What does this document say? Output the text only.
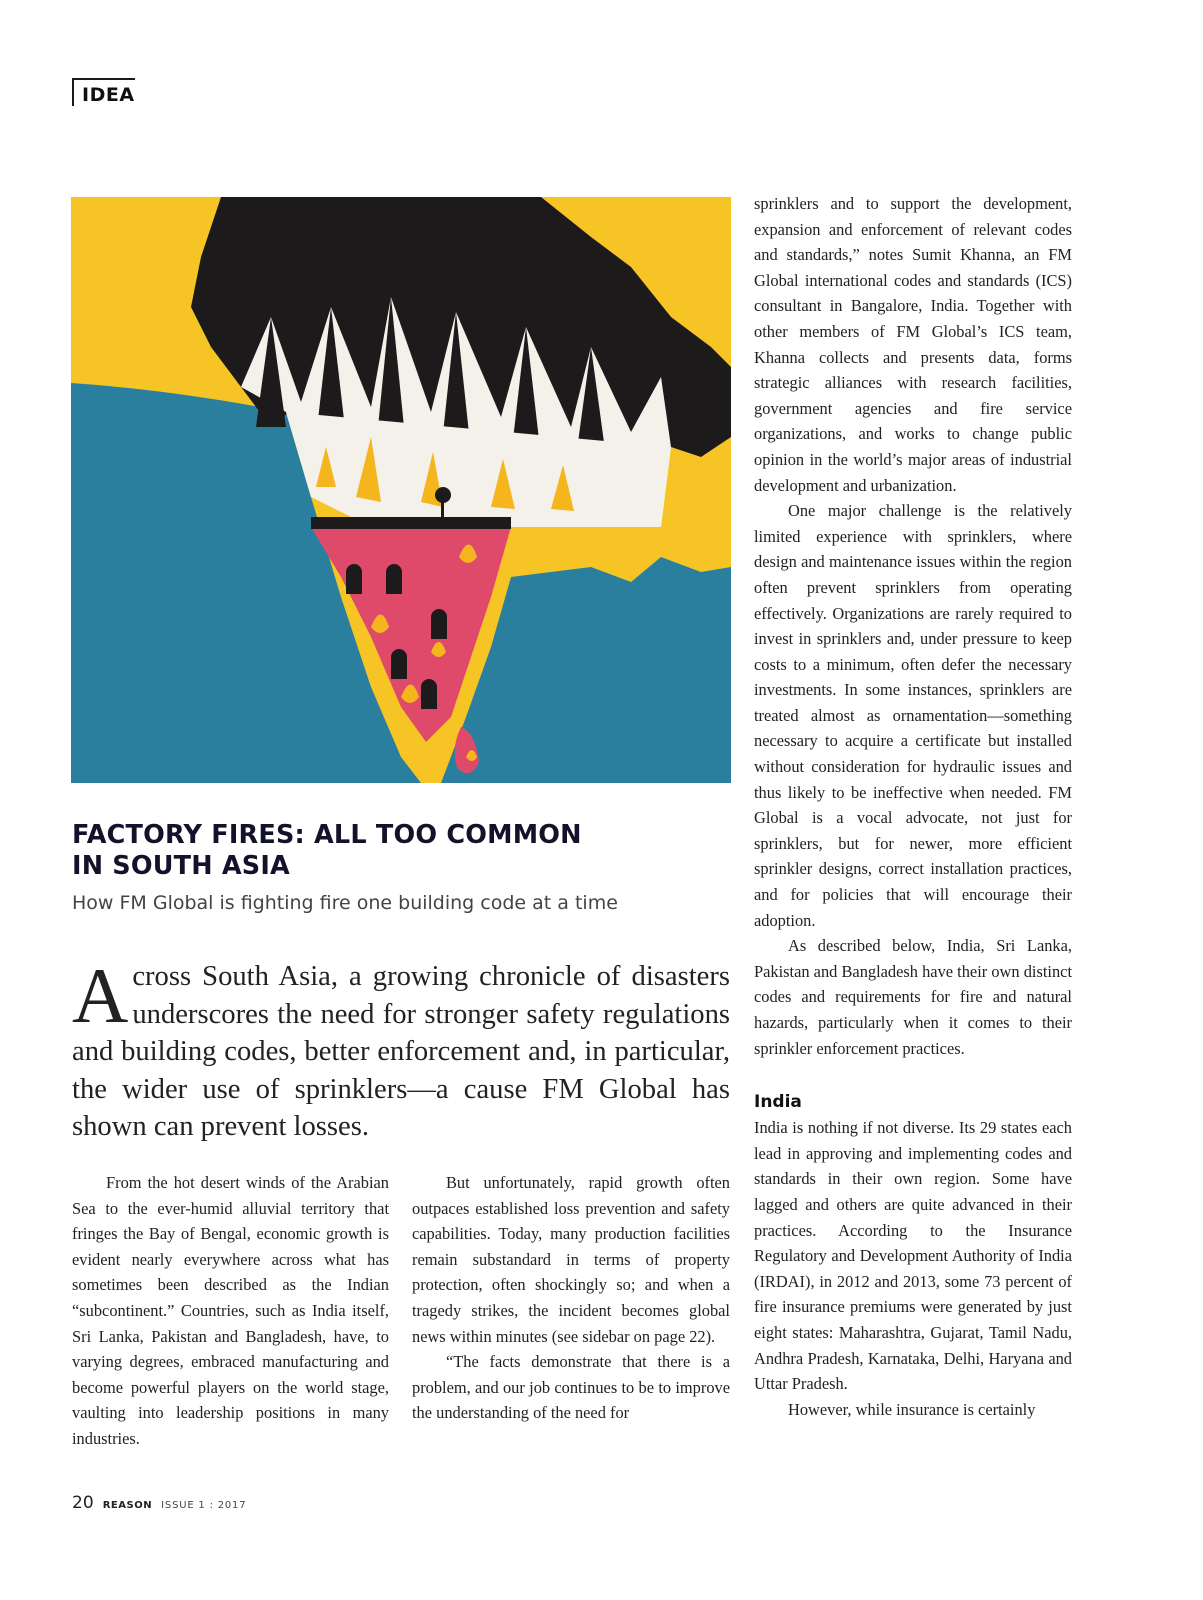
IDEA
FACTORY FIRES: ALL TOO COMMON
IN SOUTH ASIA
How FM Global is fighting fire one building code at a time

Across South Asia, a growing chronicle of disasters underscores the need for stronger safety regulations and building codes, better enforcement and, in particular, the wider use of sprinklers—a cause FM Global has shown can prevent losses.

From the hot desert winds of the Arabian Sea to the ever-humid alluvial territory that fringes the Bay of Bengal, economic growth is evident nearly everywhere across what has sometimes been described as the Indian “subcontinent.” Countries, such as India itself, Sri Lanka, Pakistan and Bangladesh, have, to varying degrees, embraced manufacturing and become powerful players on the world stage, vaulting into leadership positions in many industries.

But unfortunately, rapid growth often outpaces established loss prevention and safety capabilities. Today, many production facilities remain substandard in terms of property protection, often shockingly so; and when a tragedy strikes, the incident becomes global news within minutes (see sidebar on page 22).

“The facts demonstrate that there is a problem, and our job continues to be to improve the understanding of the need for

sprinklers and to support the development, expansion and enforcement of relevant codes and standards,” notes Sumit Khanna, an FM Global international codes and standards (ICS) consultant in Bangalore, India. Together with other members of FM Global’s ICS team, Khanna collects and presents data, forms strategic alliances with research facilities, government agencies and fire service organizations, and works to change public opinion in the world’s major areas of industrial development and urbanization.

One major challenge is the relatively limited experience with sprinklers, where design and maintenance issues within the region often prevent sprinklers from operating effectively. Organizations are rarely required to invest in sprinklers and, under pressure to keep costs to a minimum, often defer the necessary investments. In some instances, sprinklers are treated almost as ornamentation—something necessary to acquire a certificate but installed without consideration for hydraulic issues and thus likely to be ineffective when needed. FM Global is a vocal advocate, not just for sprinklers, but for newer, more efficient sprinkler designs, correct installation practices, and for policies that will encourage their adoption.

As described below, India, Sri Lanka, Pakistan and Bangladesh have their own distinct codes and requirements for fire and natural hazards, particularly when it comes to their sprinkler enforcement practices.

India

India is nothing if not diverse. Its 29 states each lead in approving and implementing codes and standards in their own region. Some have lagged and others are quite advanced in their practices. According to the Insurance Regulatory and Development Authority of India (IRDAI), in 2012 and 2013, some 73 percent of fire insurance premiums were generated by just eight states: Maharashtra, Gujarat, Tamil Nadu, Andhra Pradesh, Karnataka, Delhi, Haryana and Uttar Pradesh.

However, while insurance is certainly

20 REASON ISSUE 1 : 2017
